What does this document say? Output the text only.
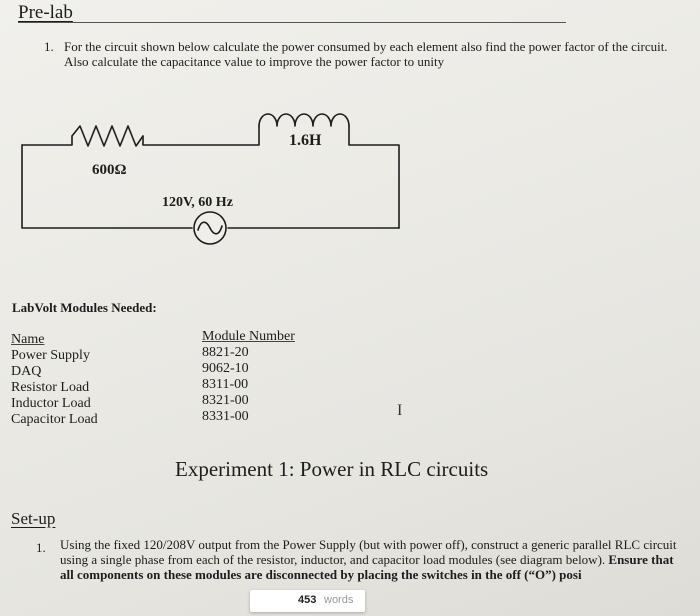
Pre-lab
1. For the circuit shown below calculate the power consumed by each element also find the power factor of the circuit. Also calculate the capacitance value to improve the power factor to unity
600Ω
1.6H
120V, 60 Hz
LabVolt Modules Needed:
Name
Power Supply
DAQ
Resistor Load
Inductor Load
Capacitor Load
Module Number
8821-20
9062-10
8311-00
8321-00
8331-00	I
Experiment 1: Power in RLC circuits
Set-up
1. Using the fixed 120/208V output from the Power Supply (but with power off), construct a generic parallel RLC circuit using a single phase from each of the resistor, inductor, and capacitor load modules (see diagram below). Ensure that all components on these modules are disconnected by placing the switches in the off (“O”) posi
453 words
